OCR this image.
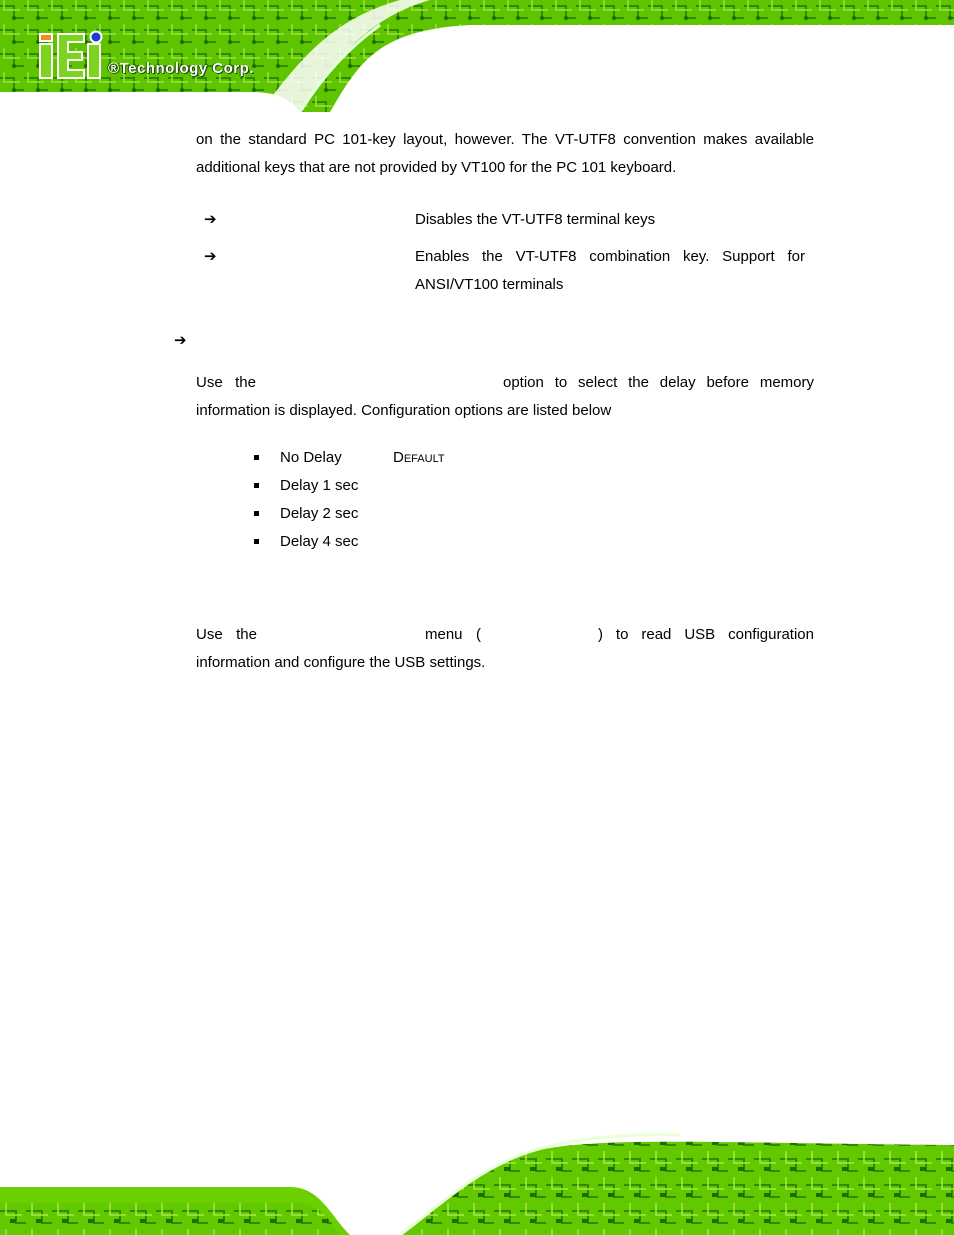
®Technology Corp.
on the standard PC 101-key layout, however. The VT-UTF8 convention makes available
additional keys that are not provided by VT100 for the PC 101 keyboard.
➔	Disables the VT-UTF8 terminal keys
➔	Enables the VT-UTF8 combination key. Support for
ANSI/VT100 terminals
➔
Use the	option to select the delay before memory
information is displayed. Configuration options are listed below
No Delay	Default
Delay 1 sec
Delay 2 sec
Delay 4 sec
Use the	menu (	) to read USB configuration
information and configure the USB settings.
